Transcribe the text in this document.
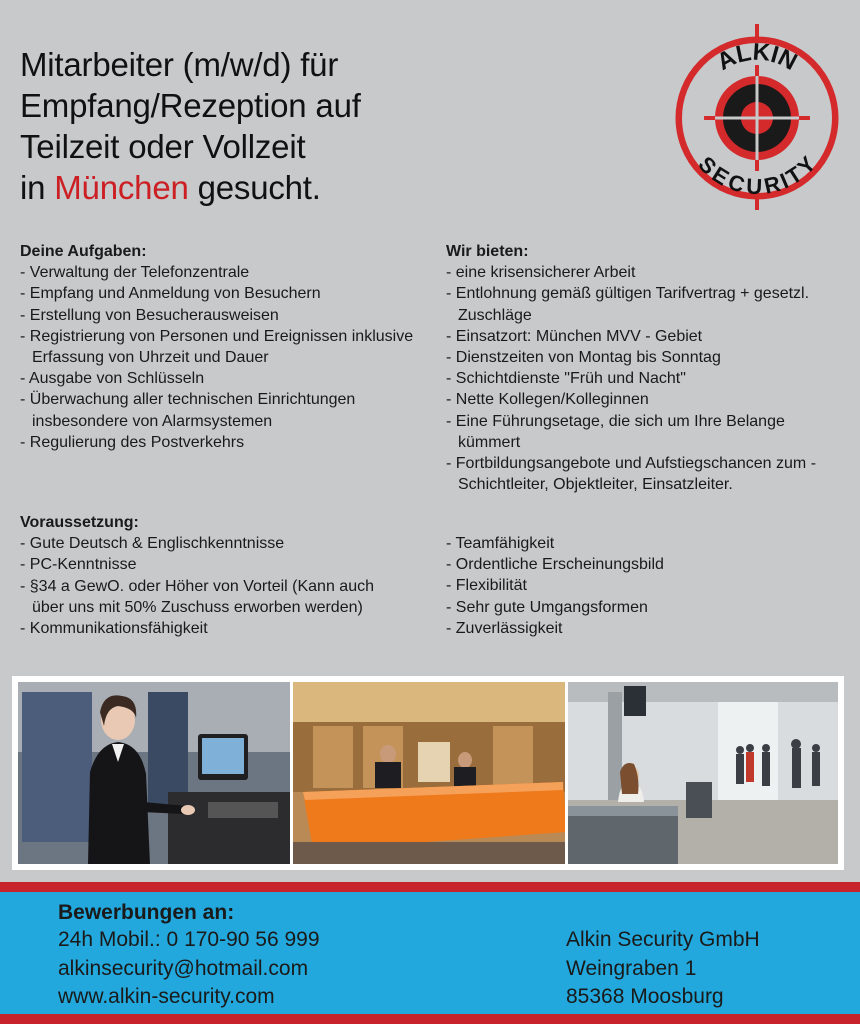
Mitarbeiter (m/w/d) für
Empfang/Rezeption auf
Teilzeit oder Vollzeit
in München gesucht.
ALKIN
SECURITY
Deine Aufgaben:
- Verwaltung der Telefonzentrale
- Empfang und Anmeldung von Besuchern
- Erstellung von Besucherausweisen
- Registrierung von Personen und Ereignissen inklusive Erfassung von Uhrzeit und Dauer
- Ausgabe von Schlüsseln
- Überwachung aller technischen Einrichtungen insbesondere von Alarmsystemen
- Regulierung des Postverkehrs
Wir bieten:
- eine krisensicherer Arbeit
- Entlohnung gemäß gültigen Tarifvertrag + gesetzl. Zuschläge
- Einsatzort: München MVV - Gebiet
- Dienstzeiten von Montag bis Sonntag
- Schichtdienste "Früh und Nacht"
- Nette Kollegen/Kolleginnen
- Eine Führungsetage, die sich um Ihre Belange kümmert
- Fortbildungsangebote und Aufstiegschancen zum -Schichtleiter, Objektleiter, Einsatzleiter.
Voraussetzung:
- Gute Deutsch & Englischkenntnisse
- PC-Kenntnisse
- §34 a GewO. oder Höher von Vorteil (Kann auch über uns mit 50% Zuschuss erworben werden)
- Kommunikationsfähigkeit
- Teamfähigkeit
- Ordentliche Erscheinungsbild
- Flexibilität
- Sehr gute Umgangsformen
- Zuverlässigkeit
Bewerbungen an:
24h Mobil.: 0 170-90 56 999
alkinsecurity@hotmail.com
www.alkin-security.com
Alkin Security GmbH
Weingraben 1
85368 Moosburg
